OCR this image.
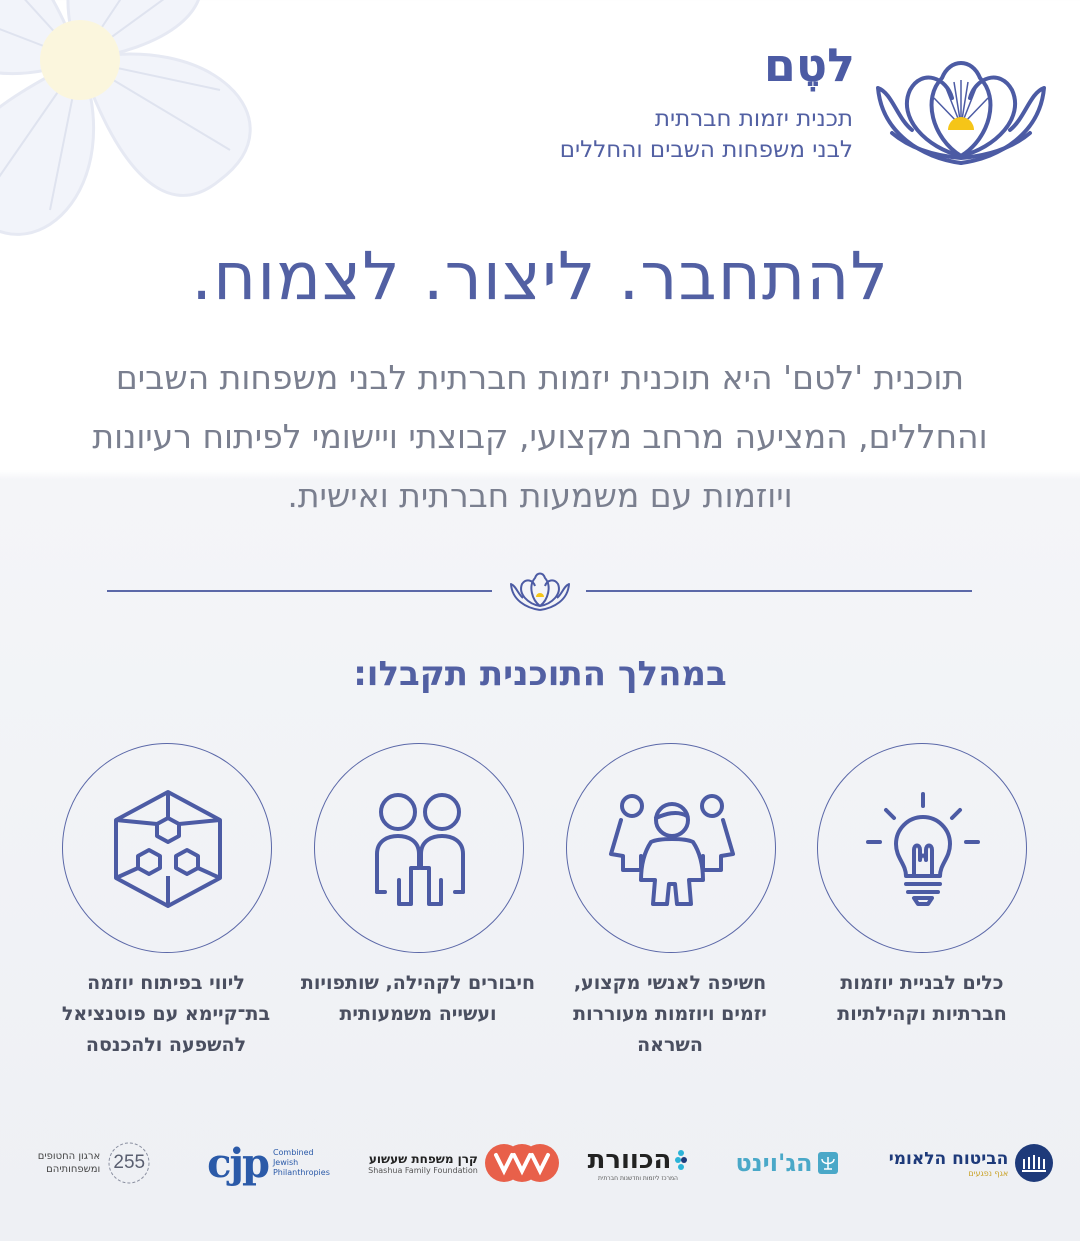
לטֶם
תכנית יזמות חברתית
לבני משפחות השבים והחללים
להתחבר. ליצור. לצמוח.

תוכנית 'לטם' היא תוכנית יזמות חברתית לבני משפחות השבים והחללים, המציעה מרחב מקצועי, קבוצתי ויישומי לפיתוח רעיונות ויוזמות עם משמעות חברתית ואישית.

במהלך התוכנית תקבלו:
כלים לבניית יוזמות חברתיות וקהילתיות
חשיפה לאנשי מקצוע, יזמים ויוזמות מעוררות השראה
חיבורים לקהילה, שותפויות ועשייה משמעותית
ליווי בפיתוח יוזמה בת־קיימא עם פוטנציאל להשפעה ולהכנסה
הביטוח הלאומי
אגף נפגעים
הג'וינט
הכוורת
המרכז ליזמות וחדשנות חברתית
קרן משפחת שעשוע
Shashua Family Foundation
cjp Combined
Jewish
Philanthropies
255
ארגון החטופים
ומשפחותיהם
